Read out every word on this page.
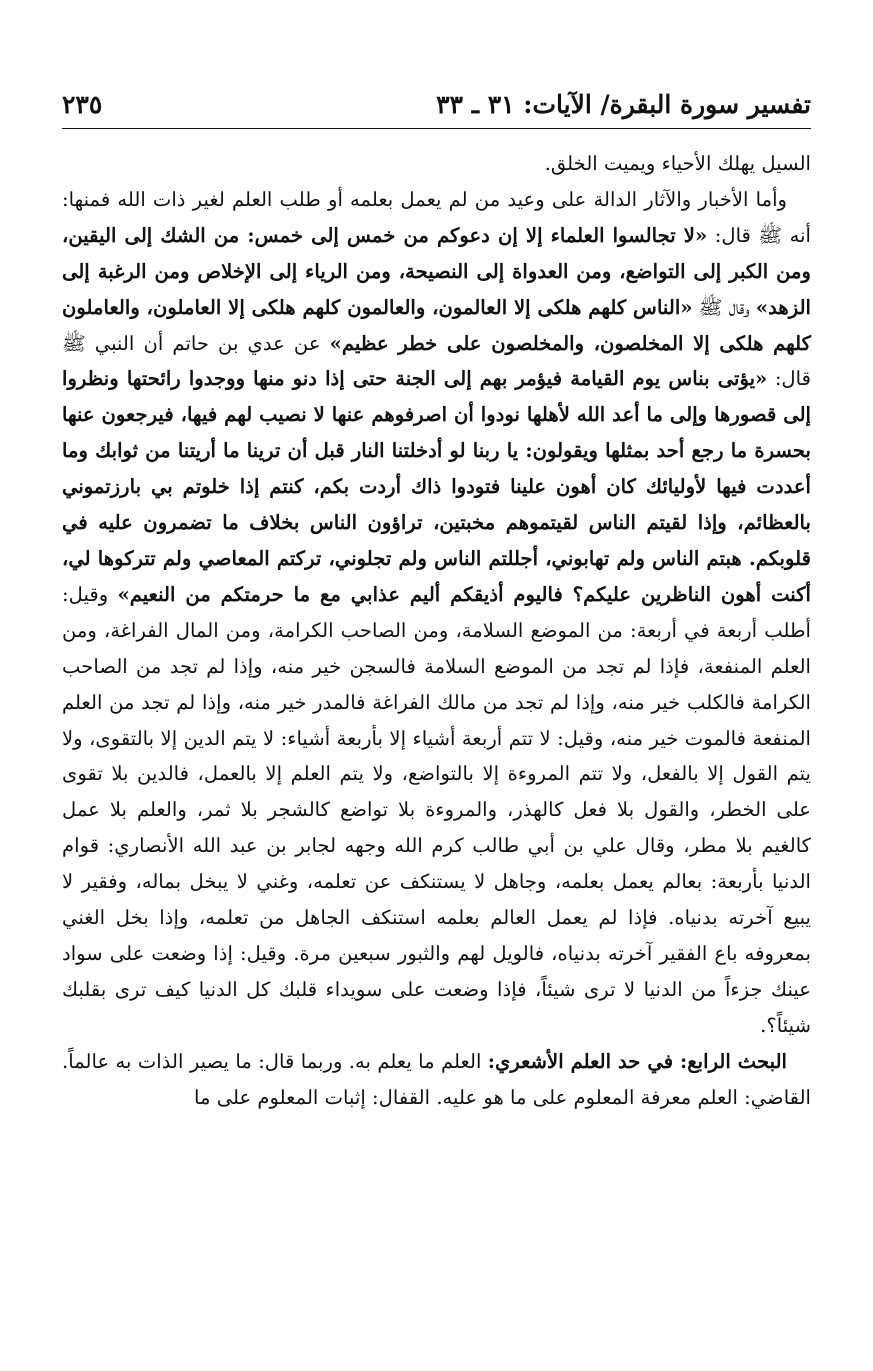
تفسير سورة البقرة/ الآيات: ٣١ ـ ٣٣
٢٣٥

السيل يهلك الأحياء ويميت الخلق.

وأما الأخبار والآثار الدالة على وعيد من لم يعمل بعلمه أو طلب العلم لغير ذات الله فمنها: أنه ﷺ قال: «لا تجالسوا العلماء إلا إن دعوكم من خمس إلى خمس: من الشك إلى اليقين، ومن الكبر إلى التواضع، ومن العدواة إلى النصيحة، ومن الرياء إلى الإخلاص ومن الرغبة إلى الزهد» وقال ﷺ «الناس كلهم هلكى إلا العالمون، والعالمون كلهم هلكى إلا العاملون، والعاملون كلهم هلكى إلا المخلصون، والمخلصون على خطر عظيم» عن عدي بن حاتم أن النبي ﷺ قال: «يؤتى بناس يوم القيامة فيؤمر بهم إلى الجنة حتى إذا دنو منها ووجدوا رائحتها ونظروا إلى قصورها وإلى ما أعد الله لأهلها نودوا أن اصرفوهم عنها لا نصيب لهم فيها، فيرجعون عنها بحسرة ما رجع أحد بمثلها ويقولون: يا ربنا لو أدخلتنا النار قبل أن ترينا ما أريتنا من ثوابك وما أعددت فيها لأوليائك كان أهون علينا فتودوا ذاك أردت بكم، كنتم إذا خلوتم بي بارزتموني بالعظائم، وإذا لقيتم الناس لقيتموهم مخبتين، تراؤون الناس بخلاف ما تضمرون عليه في قلوبكم. هبتم الناس ولم تهابوني، أجللتم الناس ولم تجلوني، تركتم المعاصي ولم تتركوها لي، أكنت أهون الناظرين عليكم؟ فاليوم أذيقكم أليم عذابي مع ما حرمتكم من النعيم» وقيل: أطلب أربعة في أربعة: من الموضع السلامة، ومن الصاحب الكرامة، ومن المال الفراغة، ومن العلم المنفعة، فإذا لم تجد من الموضع السلامة فالسجن خير منه، وإذا لم تجد من الصاحب الكرامة فالكلب خير منه، وإذا لم تجد من مالك الفراغة فالمدر خير منه، وإذا لم تجد من العلم المنفعة فالموت خير منه، وقيل: لا تتم أربعة أشياء إلا بأربعة أشياء: لا يتم الدين إلا بالتقوى، ولا يتم القول إلا بالفعل، ولا تتم المروءة إلا بالتواضع، ولا يتم العلم إلا بالعمل، فالدين بلا تقوى على الخطر، والقول بلا فعل كالهذر، والمروءة بلا تواضع كالشجر بلا ثمر، والعلم بلا عمل كالغيم بلا مطر، وقال علي بن أبي طالب كرم الله وجهه لجابر بن عبد الله الأنصاري: قوام الدنيا بأربعة: بعالم يعمل بعلمه، وجاهل لا يستنكف عن تعلمه، وغني لا يبخل بماله، وفقير لا يبيع آخرته بدنياه. فإذا لم يعمل العالم بعلمه استنكف الجاهل من تعلمه، وإذا بخل الغني بمعروفه باع الفقير آخرته بدنياه، فالويل لهم والثبور سبعين مرة. وقيل: إذا وضعت على سواد عينك جزءاً من الدنيا لا ترى شيئاً، فإذا وضعت على سويداء قلبك كل الدنيا كيف ترى بقلبك شيئاً؟.

البحث الرابع: في حد العلم الأشعري: العلم ما يعلم به. وربما قال: ما يصير الذات به عالماً. القاضي: العلم معرفة المعلوم على ما هو عليه. القفال: إثبات المعلوم على ما
